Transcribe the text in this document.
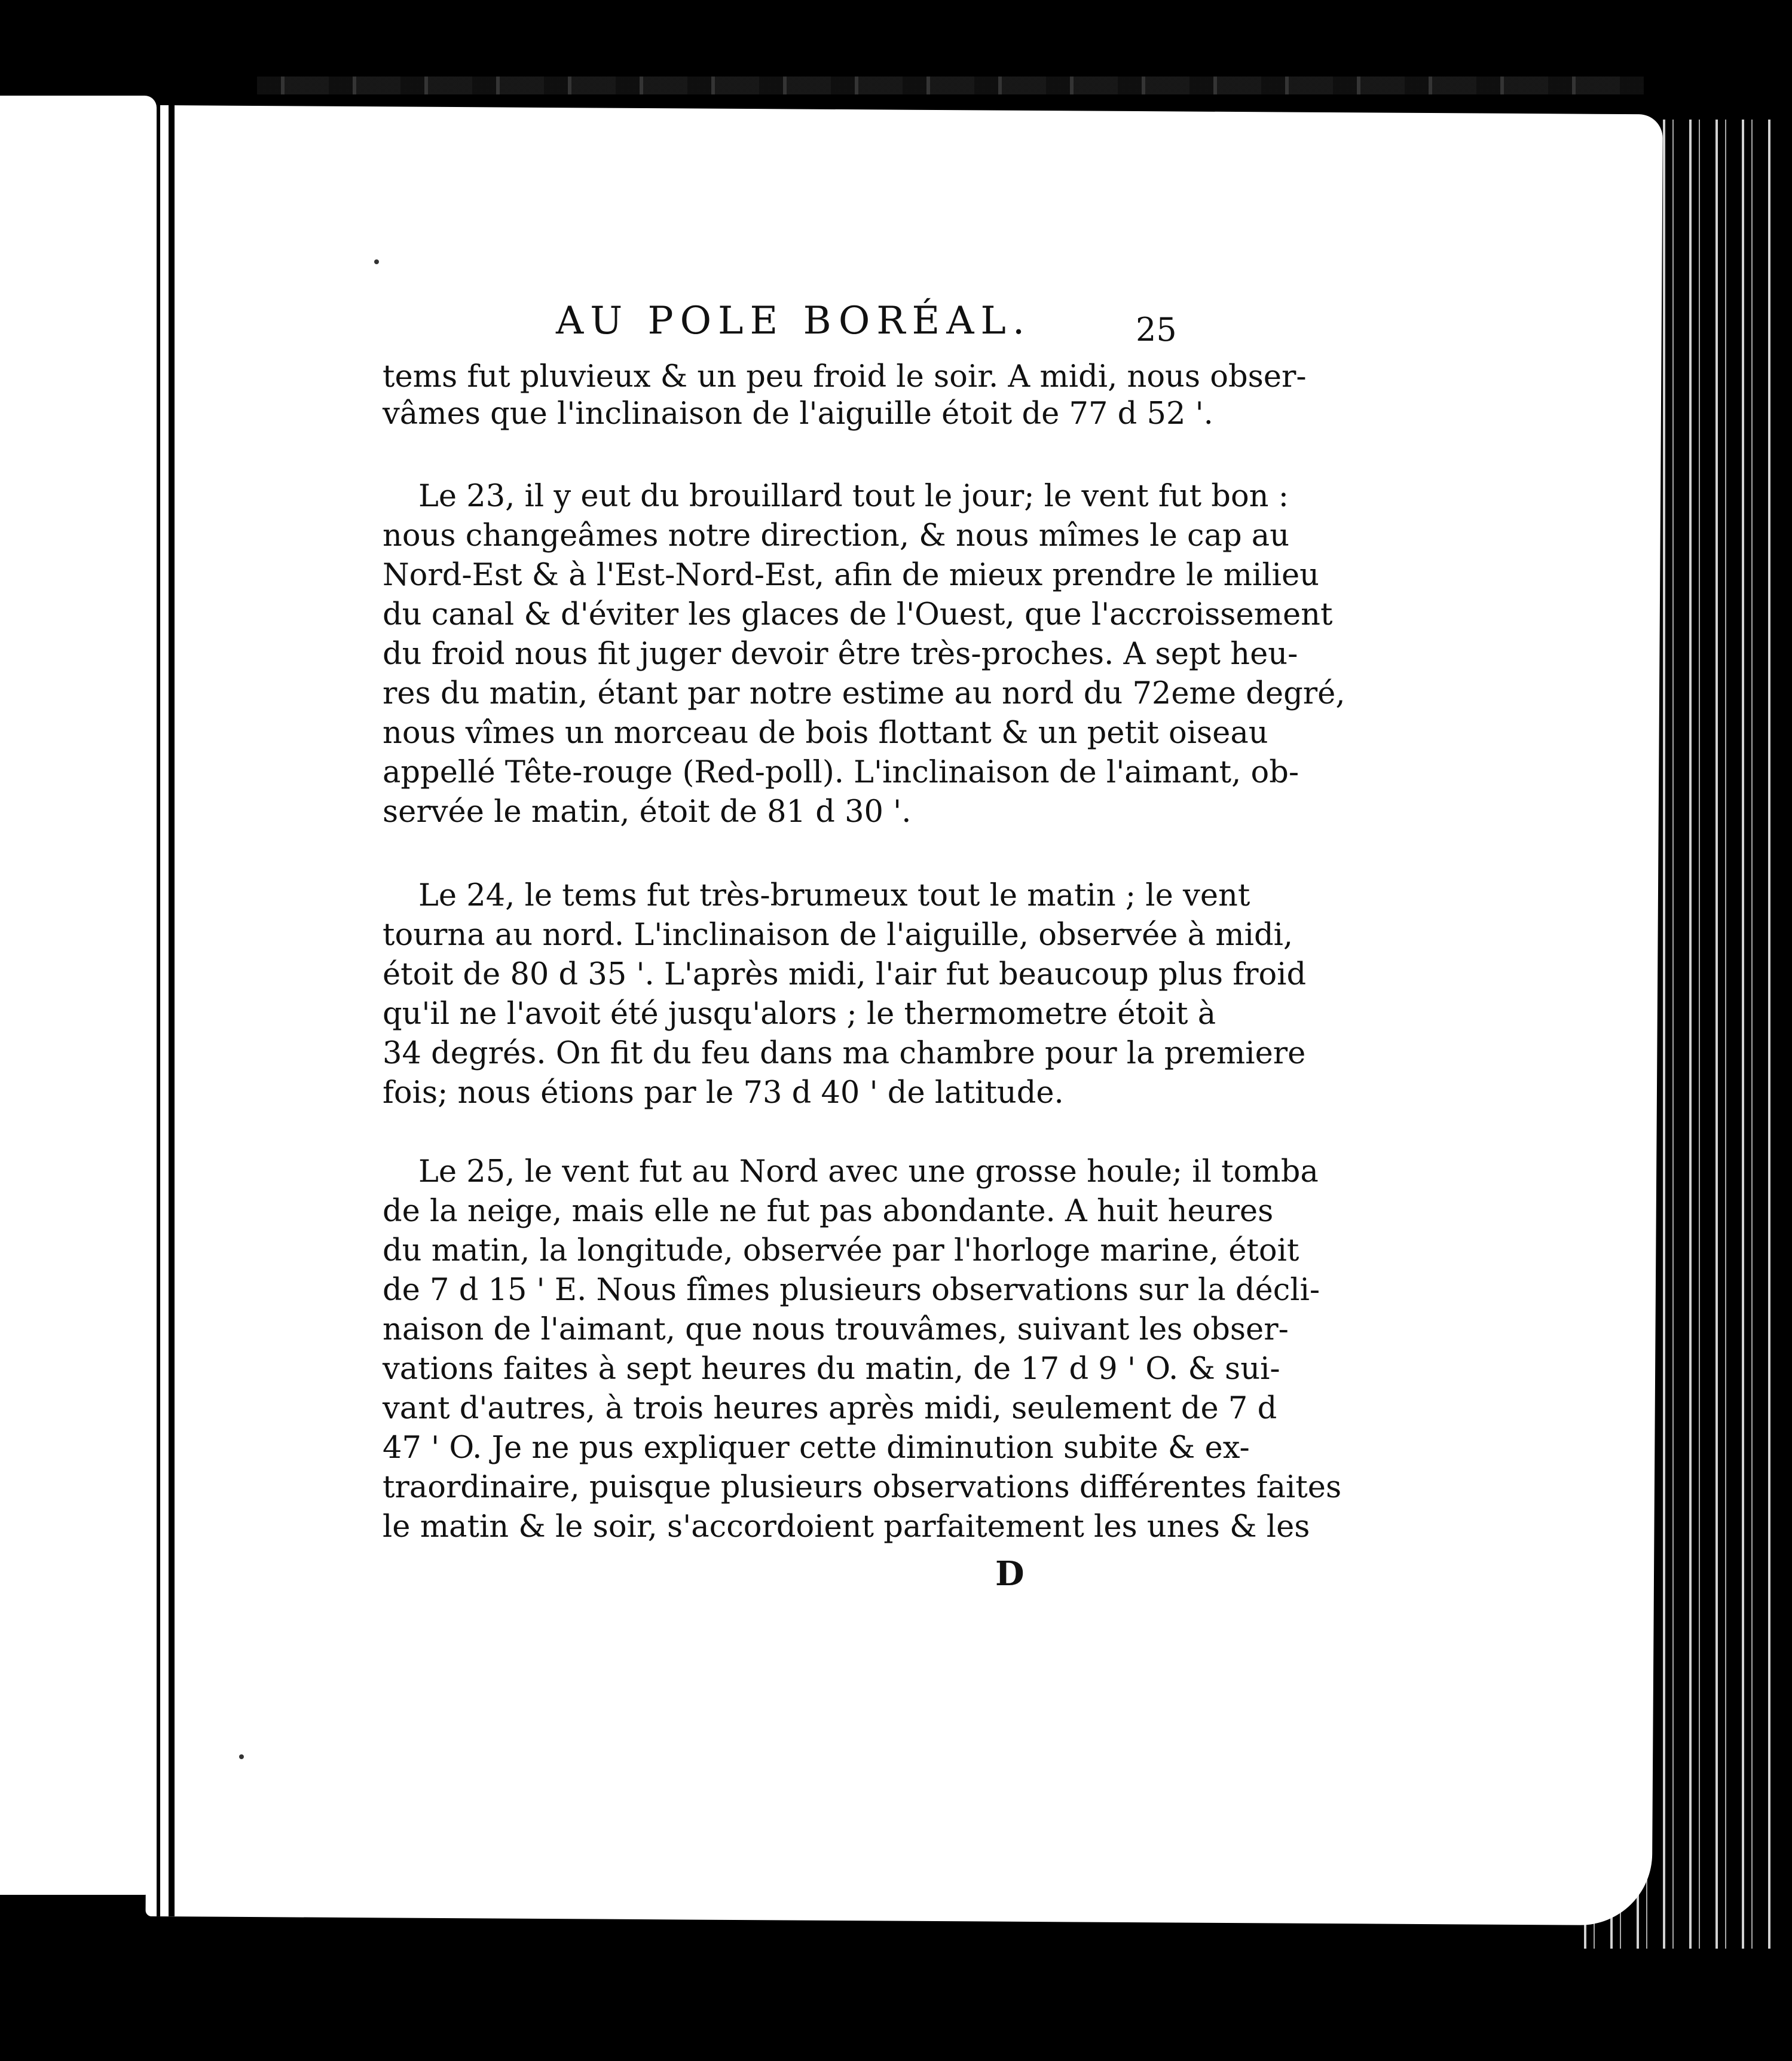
AU POLE BORÉAL.	25
tems fut pluvieux & un peu froid le soir. A midi, nous obser-
vâmes que l'inclinaison de l'aiguille étoit de 77 d 52 '.
Le 23, il y eut du brouillard tout le jour; le vent fut bon :
nous changeâmes notre direction, & nous mîmes le cap au
Nord-Est & à l'Est-Nord-Est, afin de mieux prendre le milieu
du canal & d'éviter les glaces de l'Ouest, que l'accroissement
du froid nous fit juger devoir être très-proches. A sept heu-
res du matin, étant par notre estime au nord du 72eme degré,
nous vîmes un morceau de bois flottant & un petit oiseau
appellé Tête-rouge (Red-poll). L'inclinaison de l'aimant, ob-
servée le matin, étoit de 81 d 30 '.
Le 24, le tems fut très-brumeux tout le matin ; le vent
tourna au nord. L'inclinaison de l'aiguille, observée à midi,
étoit de 80 d 35 '. L'après midi, l'air fut beaucoup plus froid
qu'il ne l'avoit été jusqu'alors ; le thermometre étoit à
34 degrés. On fit du feu dans ma chambre pour la premiere
fois; nous étions par le 73 d 40 ' de latitude.
Le 25, le vent fut au Nord avec une grosse houle; il tomba
de la neige, mais elle ne fut pas abondante. A huit heures
du matin, la longitude, observée par l'horloge marine, étoit
de 7 d 15 ' E. Nous fîmes plusieurs observations sur la décli-
naison de l'aimant, que nous trouvâmes, suivant les obser-
vations faites à sept heures du matin, de 17 d 9 ' O. & sui-
vant d'autres, à trois heures après midi, seulement de 7 d
47 ' O. Je ne pus expliquer cette diminution subite & ex-
traordinaire, puisque plusieurs observations différentes faites
le matin & le soir, s'accordoient parfaitement les unes & les
D
